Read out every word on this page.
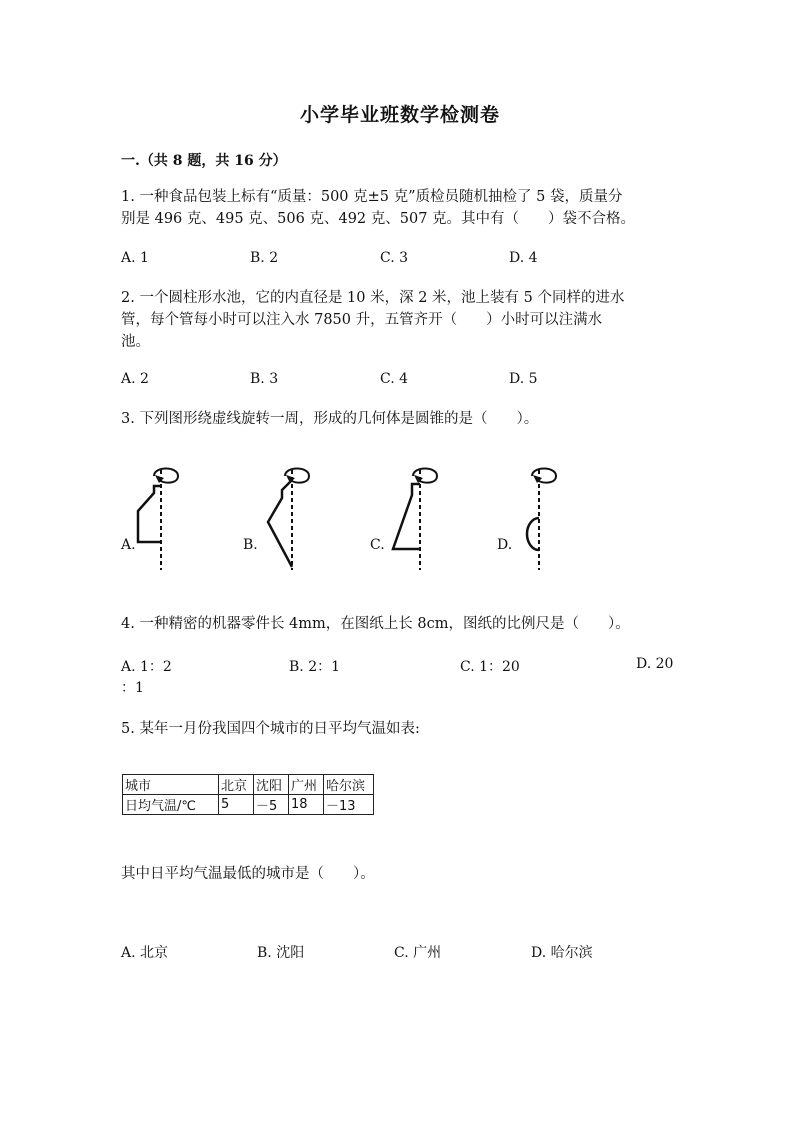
小学毕业班数学检测卷
一.（共 8 题，共 16 分）
1. 一种食品包装上标有“质量：500 克±5 克”质检员随机抽检了 5 袋，质量分
别是 496 克、495 克、506 克、492 克、507 克。其中有（　　）袋不合格。
A. 1	B. 2	C. 3	D. 4
2. 一个圆柱形水池，它的内直径是 10 米，深 2 米，池上装有 5 个同样的进水
管，每个管每小时可以注入水 7850 升，五管齐开（　　）小时可以注满水
池。
A. 2	B. 3	C. 4	D. 5
3. 下列图形绕虚线旋转一周，形成的几何体是圆锥的是（　　）。
A.	B.	C.	D.
4. 一种精密的机器零件长 4mm，在图纸上长 8cm，图纸的比例尺是（　　）。
A. 1：2	B. 2：1	C. 1：20	D. 20
：1
5. 某年一月份我国四个城市的日平均气温如表:
城市	北京	沈阳	广州	哈尔滨
日均气温/℃	5	－5	18	－13
其中日平均气温最低的城市是（　　）。
A. 北京	B. 沈阳	C. 广州	D. 哈尔滨
